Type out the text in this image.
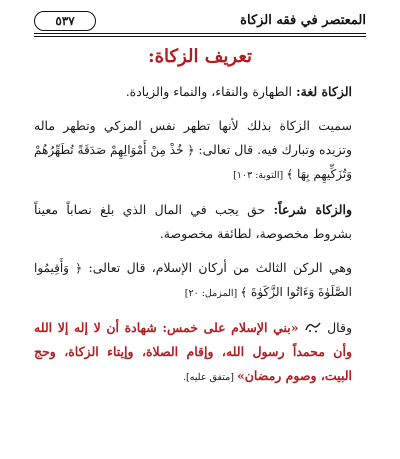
المعتصر في فقه الزكاة
٥٣٧
تعريف الزكاة:

الزكاة لغة: الطهارة والنقاء، والنماء والزيادة.

سميت الزكاة بذلك لأنها تطهر نفس المزكي وتطهر ماله وتزيده وتبارك فيه. قال تعالى: ﴿ خُذْ مِنْ أَمْوَالِهِمْ صَدَقَةً تُطَهِّرُهُمْ وَتُزَكِّيهِم بِهَا ﴾ [التوبة: ١٠٣]

والزكاة شرعاً: حق يجب في المال الذي بلغ نصاباً معيناً بشروط مخصوصة، لطائفة مخصوصة.

وهي الركن الثالث من أركان الإسلام، قال تعالى: ﴿ وَأَقِيمُوا الصَّلَوٰةَ وَءَاتُوا الزَّكَوٰةَ ﴾ [المزمل: ٢٠]

وقال  «بني الإسلام على خمس: شهادة أن لا إله إلا الله وأن محمداً رسول الله، وإقام الصلاة، وإيتاء الزكاة، وحج البيت، وصوم رمضان» [متفق عليه].
